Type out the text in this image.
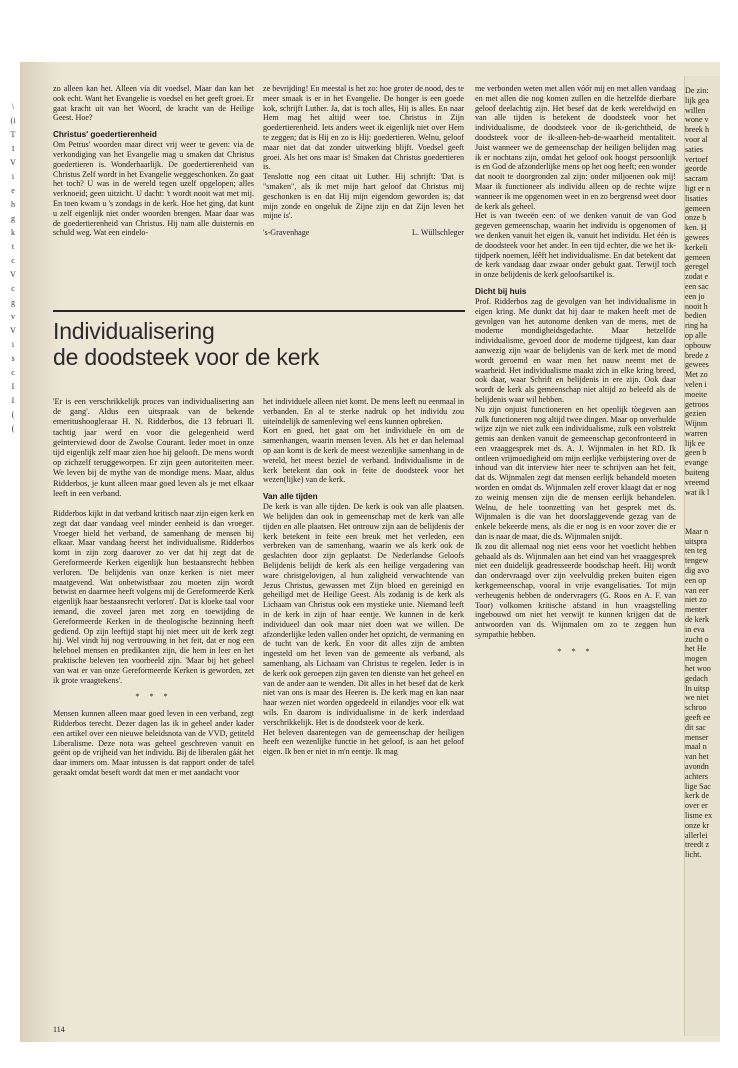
\
(i
T
1
V
i
e
h
g
k
t
c
V
c
g
v
V
i
s
c
I
I
(
(

zo alleen kan het. Alleen via dit voedsel. Maar dan kan het ook echt. Want het Evangelie is voedsel en het geeft groei. Er gaat kracht uit van het Woord, de kracht van de Heilige Geest. Hoe?

Christus' goedertierenheid

Om Petrus' woorden maar direct vrij weer te geven: via de verkondiging van het Evangelie mag u smaken dat Christus goedertieren is. Wonderbaarlijk. De goedertierenheid van Christus Zelf wordt in het Evangelie weggeschonken. Zo gaat het toch? U was in de wereld tegen uzelf opgelopen; alles verknoeid; geen uitzicht. U dacht: 't wordt nooit wat met mij. En toen kwam u 's zondags in de kerk. Hoe het ging, dat kunt u zelf eigenlijk niet onder woorden brengen. Maar daar was de goedertierenheid van Christus. Hij nam alle duisternis en schuld weg. Wat een eindelo-

ze bevrijding! En meestal is het zo: hoe groter de nood, des te meer smaak is er in het Evangelie. De honger is een goede kok, schrijft Luther. Ja, dat is toch alles, Hij is alles. En naar Hem mag het altijd weer toe. Christus in Zijn goedertierenheid. Iets anders weet ik eigenlijk niet over Hem te zeggen; dat is Hij en zo is Hij: goedertieren. Welnu, geloof maar niet dat dat zonder uitwerking blijft. Voedsel geeft groei. Als het ons maar is! Smaken dat Christus goedertieren is.

Tenslotte nog een citaat uit Luther. Hij schrijft: 'Dat is "smaken", als ik met mijn hart geloof dat Christus mij geschonken is en dat Hij mijn eigendom geworden is; dat mijn zonde en ongeluk de Zijne zijn en dat Zijn leven het mijne is'.

's-Gravenhage	L. Wüllschleger
Individualisering
de doodsteek voor de kerk

'Er is een verschrikkelijk proces van individualisering aan de gang'. Aldus een uitspraak van de bekende emeritushoogleraar H. N. Ridderbos, die 13 februari ll. tachtig jaar werd en voor die gelegenheid werd geïnterviewd door de Zwolse Courant. Ieder moet in onze tijd eigenlijk zelf maar zien hoe hij gelooft. De mens wordt op zichzelf teruggeworpen. Er zijn geen autoriteiten meer. We leven bij de mythe van de mondige mens. Maar, aldus Ridderbos, je kunt alleen maar goed leven als je met elkaar leeft in een verband.

Ridderbos kijkt in dat verband kritisch naar zijn eigen kerk en zegt dat daar vandaag veel minder eenheid is dan vroeger. Vroeger hield het verband, de samenhang de mensen bij elkaar. Maar vandaag heerst het individualisme. Ridderbos komt in zijn zorg daarover zo ver dat hij zegt dat de Gereformeerde Kerken eigenlijk hun bestaansrecht hebben verloren. 'De belijdenis van onze kerken is niet meer maatgevend. Wat onbetwistbaar zou moeten zijn wordt betwist en daarmee heeft volgens mij de Gereformeerde Kerk eigenlijk haar bestaansrecht verloren'. Dat is kloeke taal voor iemand, die zoveel jaren met zorg en toewijding de Gereformeerde Kerken in de theologische bezinning heeft gediend. Op zijn leeftijd stapt hij niet meer uit de kerk zegt hij. Wel vindt hij nog vertrouwing in het feit, dat er nog een heleboel mensen en predikanten zijn, die hem in leer en het praktische beleven ten voorbeeld zijn. 'Maar bij het geheel van wat er van onze Gereformeerde Kerken is geworden, zet ik grote vraagtekens'.

* * *

Mensen kunnen alleen maar goed leven in een verband, zegt Ridderbos terecht. Dezer dagen las ik in geheel ander kader een artikel over een nieuwe beleidsnota van de VVD, getiteld Liberalisme. Deze nota was geheel geschreven vanuit en geënt op de vrijheid van het individu. Bij de liberalen gáát het daar immers om. Maar intussen is dat rapport onder de tafel geraakt omdat beseft wordt dat men er met aandacht voor

het individuele alleen niet komt. De mens leeft nu eenmaal in verbanden. En al te sterke nadruk op het individu zou uiteindelijk de samenleving wel eens kunnen opbreken.

Kort en goed, het gaat om het individuele èn om de samenhangen, waarin mensen leven. Als het er dan helemaal op aan komt is de kerk de meest wezenlijke samenhang in de wereld, het meest beziel de verband. Individualisme in de kerk betekent dan ook in feite de doodsteek voor het wezen(lijke) van de kerk.

Van alle tijden

De kerk is van alle tijden. De kerk is ook van alle plaatsen. We belijden dan ook in gemeenschap met de kerk van alle tijden en alle plaatsen. Het ontrouw zijn aan de belijdenis der kerk betekent in feite een breuk met het verleden, een verbreken van de samenhang, waarin we als kerk ook de geslachten door zijn geplaatst. De Nederlandse Geloofs Belijdenis belijdt de kerk als een heilige vergadering van ware christgelovigen, al hun zaligheid verwachtende van Jezus Christus, gewassen met Zijn bloed en gereinigd en geheiligd met de Heilige Geest. Als zodanig is de kerk als Lichaam van Christus ook een mystieke unie. Niemand leeft in de kerk in zijn of haar eentje. We kunnen in de kerk individueel dan ook maar niet doen wat we willen. De afzonderlijke leden vallen onder het opzicht, de vermaning en de tucht van de kerk. En voor dit alles zijn de ambten ingesteld om het leven van de gemeente als verband, als samenhang, als Lichaam van Christus te regelen. Ieder is in de kerk ook geroepen zijn gaven ten dienste van het geheel en van de ander aan te wenden. Dit alles in het besef dat de kerk niet van ons is maar des Heeren is. De kerk mag en kan naar haar wezen niet worden opgedeeld in eilandjes voor elk wat wils. En daarom is individualisme in de kerk inderdaad verschrikkelijk. Het is de doodsteek voor de kerk.

Het beleven daarentegen van de gemeenschap der heiligen heeft een wezenlijke functie in het geloof, is aan het geloof eigen. Ik ben er niet in m'n eentje. Ik mag

me verbonden weten met allen vóór mij en met allen vandaag en met allen die nog komen zullen en die hetzelfde dierbare geloof deelachtig zijn. Het besef dat de kerk wereldwijd en van alle tijden is betekent de doodsteek voor het individualisme, de doodsteek voor de ik-gerichtheid, de doodsteek voor de ik-alleen-heb-de-waarheid mentaliteit. Juist wanneer we de gemeenschap der heiligen belijden mag ik er nochtans zijn, omdat het geloof ook hoogst persoonlijk is en God de afzonderlijke mens op het oog heeft; een wonder dat nooit te doorgronden zal zijn: onder miljoenen ook mij! Maar ik functioneer als individu alleen op de rechte wijze wanneer ik me opgenomen weet in en zo bergrensd weet door de kerk als geheel.

Het is van tweeën een: of we denken vanuit de van God gegeven gemeenschap, waarin het individu is opgenomen of we denken vanuit het eigen ik, vanuit het individu. Het één is de doodsteek voor het ander. In een tijd echter, die we het ik-tijdperk noemen, léêft het individualisme. En dat betekent dat de kerk vandaag daar zwaar onder gebukt gaat. Terwijl toch in onze belijdenis de kerk geloofsartikel is.

Dicht bij huis

Prof. Ridderbos zag de gevolgen van het individualisme in eigen kring. Me dunkt dat hij daar te maken heeft met de gevolgen van het autonome denken van de mens, met de moderne mondigheidsgedachte. Maar hetzelfde individualisme, gevoed door de moderne tijdgeest, kan daar aanwezig zijn waar de belijdenis van de kerk met de mond wordt geroemd en waar men het nauw neemt met de waarheid. Het individualisme maakt zich in elke kring breed, ook daar, waar Schrift en belijdenis in ere zijn. Ook daar wordt de kerk als gemeenschap niet altijd zo beleefd als de belijdenis waar wil hebben.

Nu zijn onjuist functioneren en het openlijk tòegeven aan zulk functioneren nog altijd twee dingen. Maar op onverhulde wijze zijn we niet zulk een individualisme, zulk een volstrekt gemis aan denken vanuit de gemeenschap geconfronteerd in een vraaggesprek met ds. A. J. Wijnmalen in het RD. Ik ontleen vrijmoedigheid om mijn eerlijke verbijstering over de inhoud van dit interview hier neer te schrijven aan het feit, dat ds. Wijnmalen zegt dat mensen eerlijk behandeld moeten worden en omdat ds. Wijnmalen zelf erover klaagt dat er nog zo weinig mensen zijn die de mensen eerlijk behandelen. Welnu, de hele toonzetting van het gesprek met ds. Wijnmalen is die van het doorslaggevende gezag van de enkele bekeerde mens, als die er nog is en voor zover die er dan is naar de maat, die ds. Wijnmalen snijdt.

Ik zou dit allemaal nog niet eens voor het voetlicht hebben gehaald als ds. Wijnmalen aan het eind van het vraaggesprek niet een duidelijk geadresseerde boodschap heeft. Hij wordt dan ondervraagd over zijn veelvuldig preken buiten eigen kerkgemeenschap, vooral in vrije evangelisaties. Tot mijn verheugenis hebben de ondervragers (G. Roos en A. F. van Toor) volkomen kritische afstand in hun vraagstelling ingebouwd om niet het verwijt te kunnen krijgen dat de antwoorden van ds. Wijnmalen om zo te zeggen hun sympathie hebben.

* * *

De zin:
lijk gea
willen
wone v
breek h
voor al
saties
vertoef
georde
sacram
ligt er n
lisaties
gemeen
onze b
ken. H
gewees
kerkeli
gemeen
geregel
zodat e
een sac
een jo
nooit h
bedien
ring ha
op alle
opbouw
brede z
gewees
Met zo
velen i
moeite
getroos
gezien
Wijnm
warren
lijk ee
geen b
evange
buiteng
vreemd
wat ik l
Maar n
uitspra
ten teg
tengew
dig avo
een op
van eer
niet zo
menter
de kerk
in eva
zucht o
het He
mogen
het woo
gedach
In uitsp
we niet
schroo
geeft ee
dit sac
menser
maal n
van het
avondn
achters
lige Sac
kerk de
over er
lisme ex
onze kr
allerlei
treedt z
licht.
114
